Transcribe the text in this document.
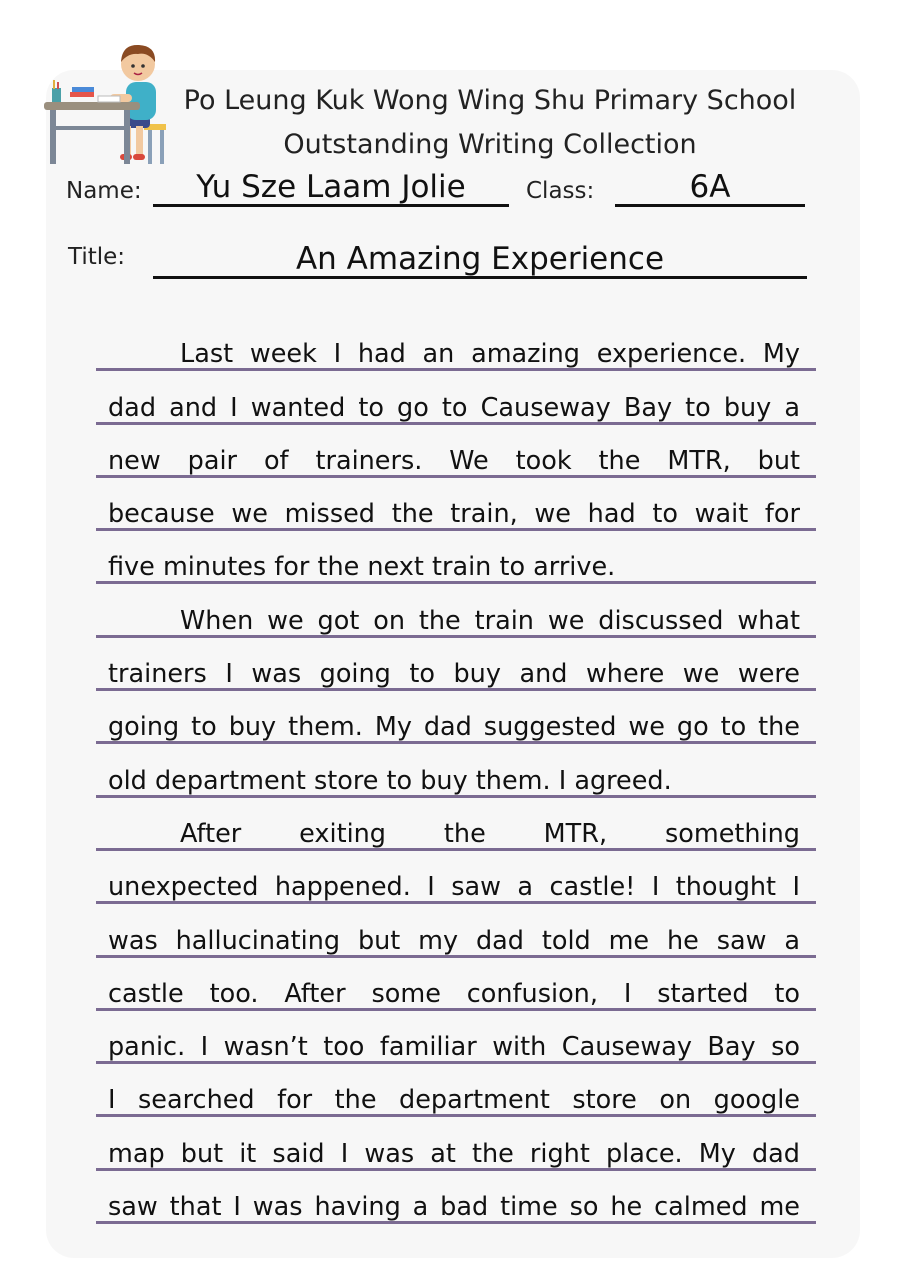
Po Leung Kuk Wong Wing Shu Primary School
Outstanding Writing Collection
Name:	Yu Sze Laam Jolie	Class:	6A
Title:	An Amazing Experience
Last week I had an amazing experience. My
dad and I wanted to go to Causeway Bay to buy a
new pair of trainers. We took the MTR, but
because we missed the train, we had to wait for
five minutes for the next train to arrive.
When we got on the train we discussed what
trainers I was going to buy and where we were
going to buy them. My dad suggested we go to the
old department store to buy them. I agreed.
After exiting the MTR, something
unexpected happened. I saw a castle! I thought I
was hallucinating but my dad told me he saw a
castle too. After some confusion, I started to
panic. I wasn’t too familiar with Causeway Bay so
I searched for the department store on google
map but it said I was at the right place. My dad
saw that I was having a bad time so he calmed me
